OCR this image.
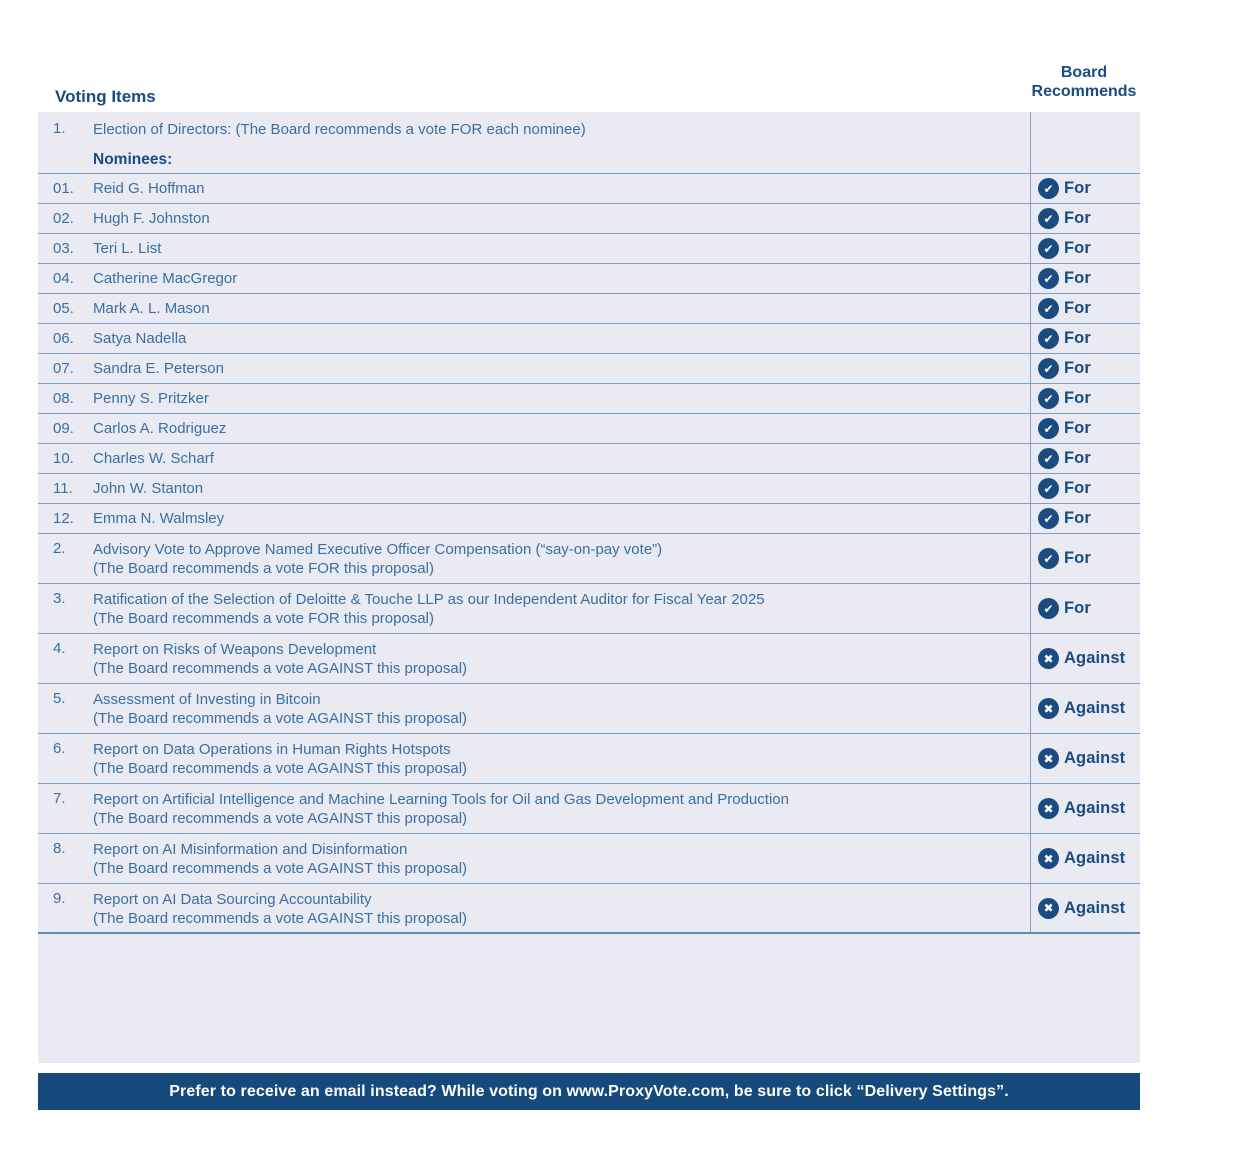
Voting Items
Board
Recommends
1.	Election of Directors: (The Board recommends a vote FOR each nominee)
Nominees:
01.	Reid G. Hoffman	✔ For
02.	Hugh F. Johnston	✔ For
03.	Teri L. List	✔ For
04.	Catherine MacGregor	✔ For
05.	Mark A. L. Mason	✔ For
06.	Satya Nadella	✔ For
07.	Sandra E. Peterson	✔ For
08.	Penny S. Pritzker	✔ For
09.	Carlos A. Rodriguez	✔ For
10.	Charles W. Scharf	✔ For
11.	John W. Stanton	✔ For
12.	Emma N. Walmsley	✔ For
2.	Advisory Vote to Approve Named Executive Officer Compensation (“say-on-pay vote”)
(The Board recommends a vote FOR this proposal)
✔ For
3.	Ratification of the Selection of Deloitte & Touche LLP as our Independent Auditor for Fiscal Year 2025
(The Board recommends a vote FOR this proposal)
✔ For
4.	Report on Risks of Weapons Development
(The Board recommends a vote AGAINST this proposal)
✖ Against
5.	Assessment of Investing in Bitcoin
(The Board recommends a vote AGAINST this proposal)
✖ Against
6.	Report on Data Operations in Human Rights Hotspots
(The Board recommends a vote AGAINST this proposal)
✖ Against
7.	Report on Artificial Intelligence and Machine Learning Tools for Oil and Gas Development and Production
(The Board recommends a vote AGAINST this proposal)
✖ Against
8.	Report on AI Misinformation and Disinformation
(The Board recommends a vote AGAINST this proposal)
✖ Against
9.	Report on AI Data Sourcing Accountability
(The Board recommends a vote AGAINST this proposal)
✖ Against
Prefer to receive an email instead? While voting on www.ProxyVote.com, be sure to click “Delivery Settings”.
